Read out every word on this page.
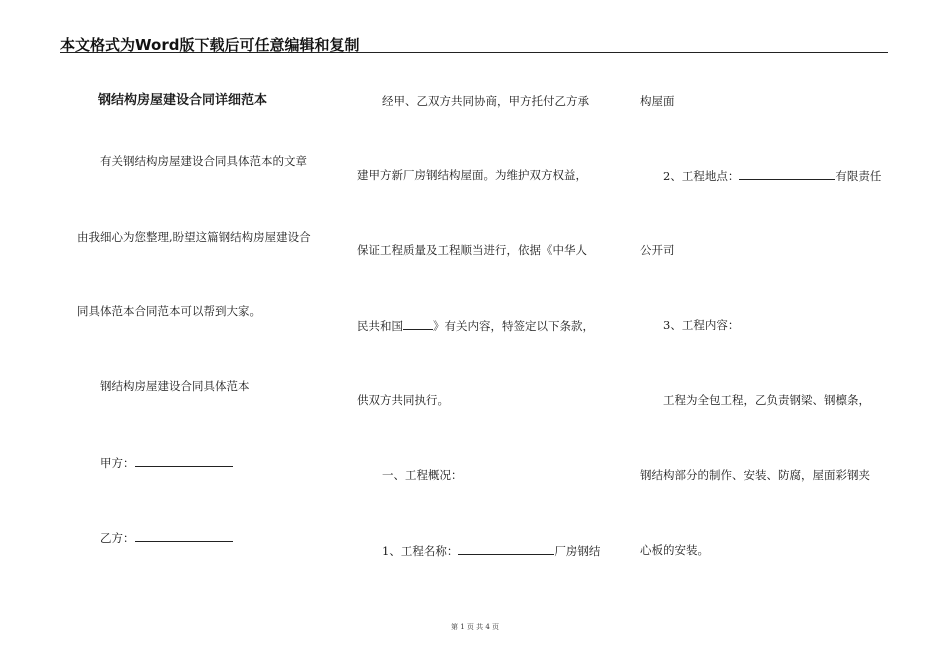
本文格式为Word版下载后可任意编辑和复制
钢结构房屋建设合同详细范本
有关钢结构房屋建设合同具体范本的文章
由我细心为您整理,盼望这篇钢结构房屋建设合
同具体范本合同范本可以帮到大家。
钢结构房屋建设合同具体范本
甲方：
乙方：
经甲、乙双方共同协商，甲方托付乙方承
建甲方新厂房钢结构屋面。为维护双方权益，
保证工程质量及工程顺当进行，依据《中华人
民共和国	》有关内容，特签定以下条款，
供双方共同执行。
一、工程概况：
1、工程名称：	厂房钢结
构屋面
2、工程地点：	有限责任
公开司
3、工程内容：
工程为全包工程，乙负责钢梁、钢檩条，
钢结构部分的制作、安装、防腐，屋面彩钢夹
心板的安装。
第 1 页 共 4 页
